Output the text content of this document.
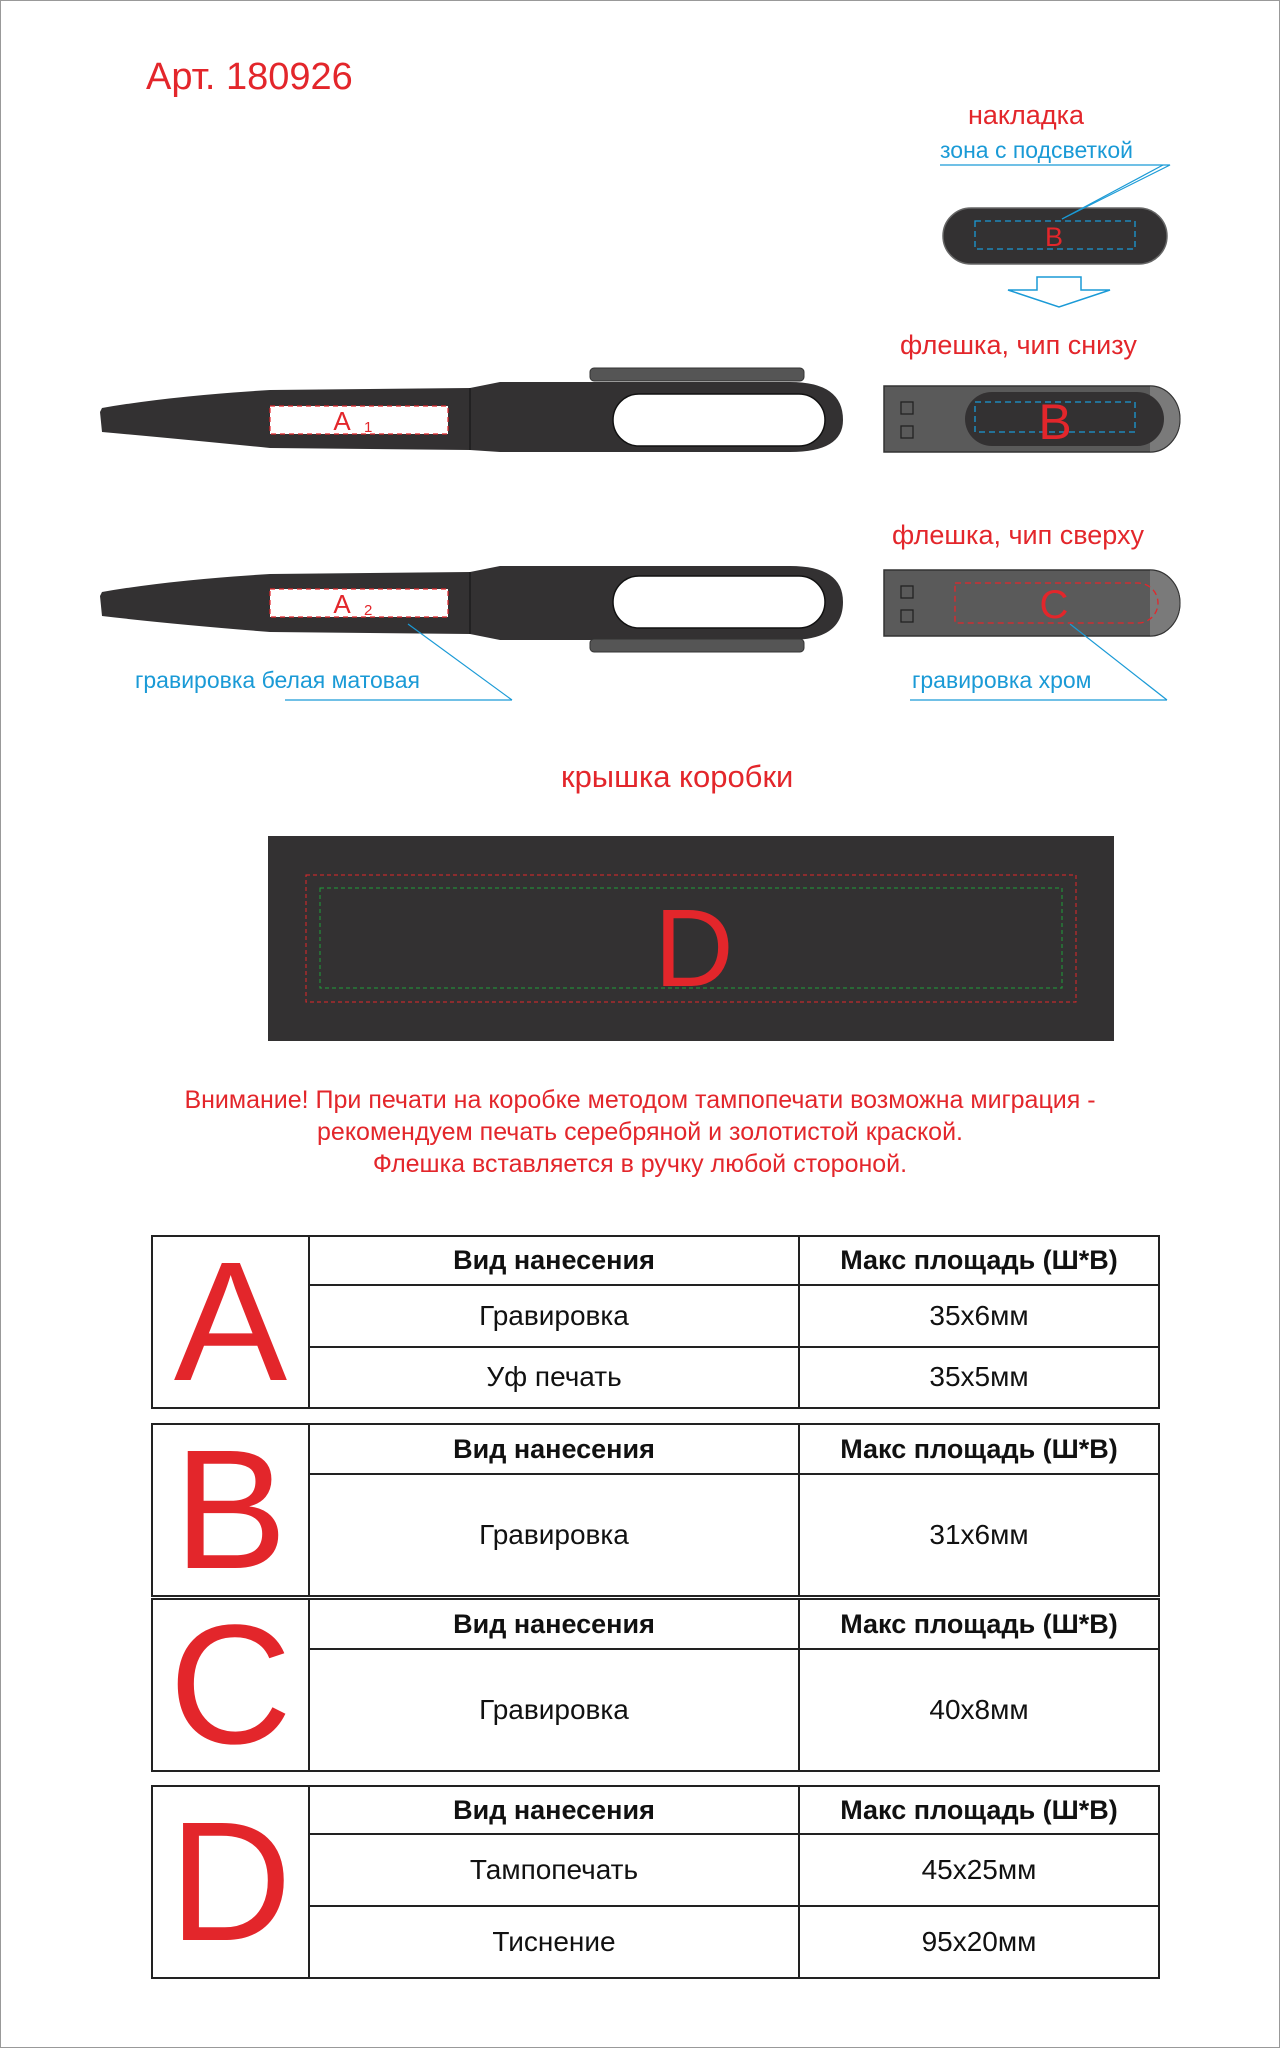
Арт. 180926
накладка
зона с подсветкой
флешка, чип снизу
флешка, чип сверху
гравировка белая матовая	гравировка хром
крышка коробки
B
A 1	B
A 2	C
D
Внимание! При печати на коробке методом тампопечати возможна миграция -
рекомендуем печать серебряной и золотистой краской.
Флешка вставляется в ручку любой стороной.
A	Вид нанесения	Макс площадь (Ш*В)
	Гравировка	35x6мм
	Уф печать	35x5мм
B	Вид нанесения	Макс площадь (Ш*В)
	Гравировка	31x6мм
C	Вид нанесения	Макс площадь (Ш*В)
	Гравировка	40x8мм
D	Вид нанесения	Макс площадь (Ш*В)
	Тампопечать	45x25мм
	Тиснение	95x20мм
